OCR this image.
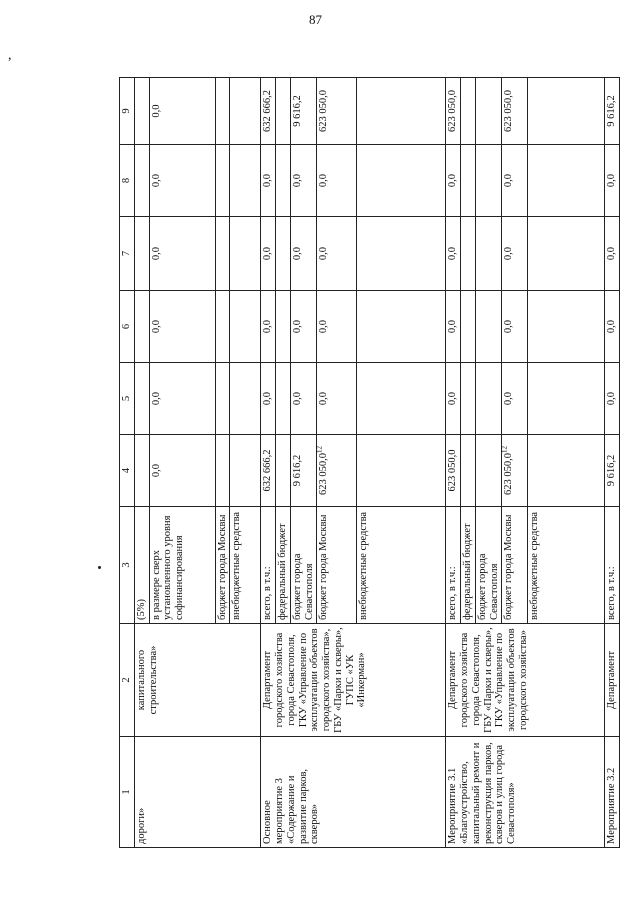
87
,
1	2	3	4	5	6	7	8	9
дороги»	капитального строительства»	(5%)						
		в размере сверх установленного уровня софинансирования	0,0	0,0	0,0	0,0	0,0	0,0
		бюджет города Москвы						
		внебюджетные средства						
Основное мероприятие 3 «Содержание и развитие парков, скверов»	Департамент городского хозяйства города Севастополя, ГКУ «Управление по эксплуатации объектов городского хозяйства», ГБУ «Парки и скверы», ГУПС «УК «Инкерман»	всего, в т.ч.:	632 666,2	0,0	0,0	0,0	0,0	632 666,2
		федеральный бюджет						
		бюджет города Севастополя	9 616,2	0,0	0,0	0,0	0,0	9 616,2
		бюджет города Москвы	623 050,0$^{12}$	0,0	0,0	0,0	0,0	623 050,0
		внебюджетные средства						
Мероприятие 3.1 «Благоустройство, капитальный ремонт и реконструкция парков, скверов и улиц города Севастополя»	Департамент городского хозяйства города Севастополя, ГБУ «Парки и скверы», ГКУ «Управление по эксплуатации объектов городского хозяйства»	всего, в т.ч.:	623 050,0	0,0	0,0	0,0	0,0	623 050,0
		федеральный бюджет						
		бюджет города Севастополя						
		бюджет города Москвы	623 050,0$^{12}$	0,0	0,0	0,0	0,0	623 050,0
		внебюджетные средства						
Мероприятие 3.2	Департамент	всего, в т.ч.:	9 616,2	0,0	0,0	0,0	0,0	9 616,2
